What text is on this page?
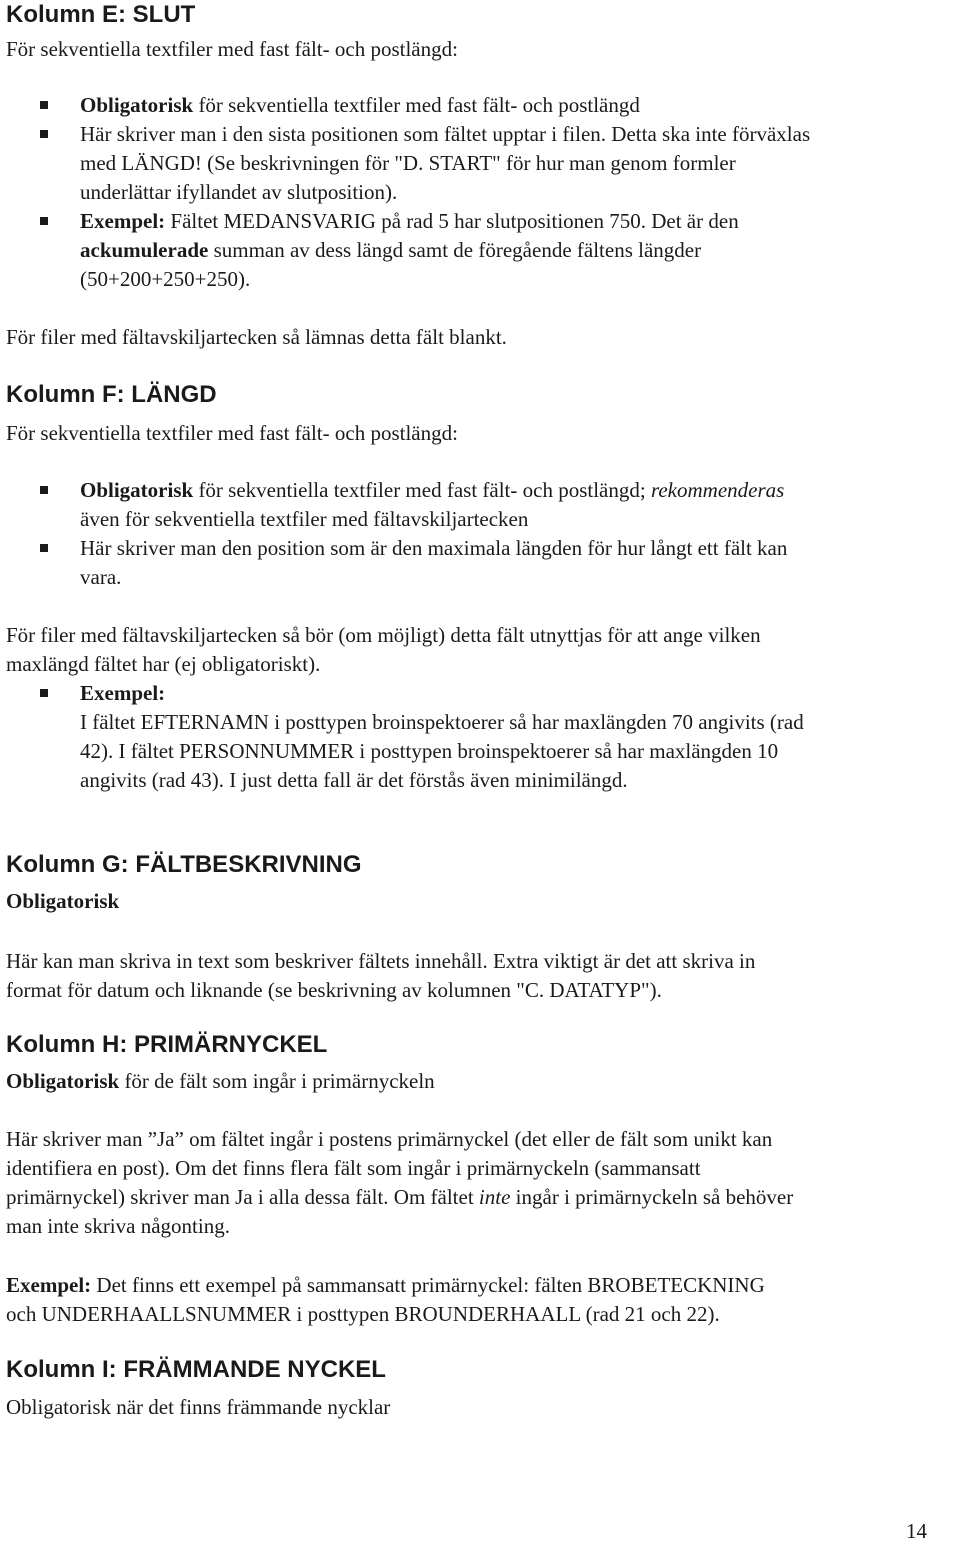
Kolumn E: SLUT
För sekventiella textfiler med fast fält- och postlängd:
Obligatorisk för sekventiella textfiler med fast fält- och postlängd
Här skriver man i den sista positionen som fältet upptar i filen. Detta ska inte förväxlas
med LÄNGD! (Se beskrivningen för "D. START" för hur man genom formler
underlättar ifyllandet av slutposition).
Exempel: Fältet MEDANSVARIG på rad 5 har slutpositionen 750. Det är den
ackumulerade summan av dess längd samt de föregående fältens längder
(50+200+250+250).
För filer med fältavskiljartecken så lämnas detta fält blankt.
Kolumn F: LÄNGD
För sekventiella textfiler med fast fält- och postlängd:
Obligatorisk för sekventiella textfiler med fast fält- och postlängd; rekommenderas
även för sekventiella textfiler med fältavskiljartecken
Här skriver man den position som är den maximala längden för hur långt ett fält kan
vara.
För filer med fältavskiljartecken så bör (om möjligt) detta fält utnyttjas för att ange vilken
maxlängd fältet har (ej obligatoriskt).
Exempel:
I fältet EFTERNAMN i posttypen broinspektoerer så har maxlängden 70 angivits (rad
42). I fältet PERSONNUMMER i posttypen broinspektoerer så har maxlängden 10
angivits (rad 43). I just detta fall är det förstås även minimilängd.
Kolumn G: FÄLTBESKRIVNING
Obligatorisk
Här kan man skriva in text som beskriver fältets innehåll. Extra viktigt är det att skriva in
format för datum och liknande (se beskrivning av kolumnen "C. DATATYP").
Kolumn H: PRIMÄRNYCKEL
Obligatorisk för de fält som ingår i primärnyckeln
Här skriver man ”Ja” om fältet ingår i postens primärnyckel (det eller de fält som unikt kan
identifiera en post). Om det finns flera fält som ingår i primärnyckeln (sammansatt
primärnyckel) skriver man Ja i alla dessa fält. Om fältet inte ingår i primärnyckeln så behöver
man inte skriva någonting.
Exempel: Det finns ett exempel på sammansatt primärnyckel: fälten BROBETECKNING
och UNDERHAALLSNUMMER i posttypen BROUNDERHAALL (rad 21 och 22).
Kolumn I: FRÄMMANDE NYCKEL
Obligatorisk när det finns främmande nycklar
14
